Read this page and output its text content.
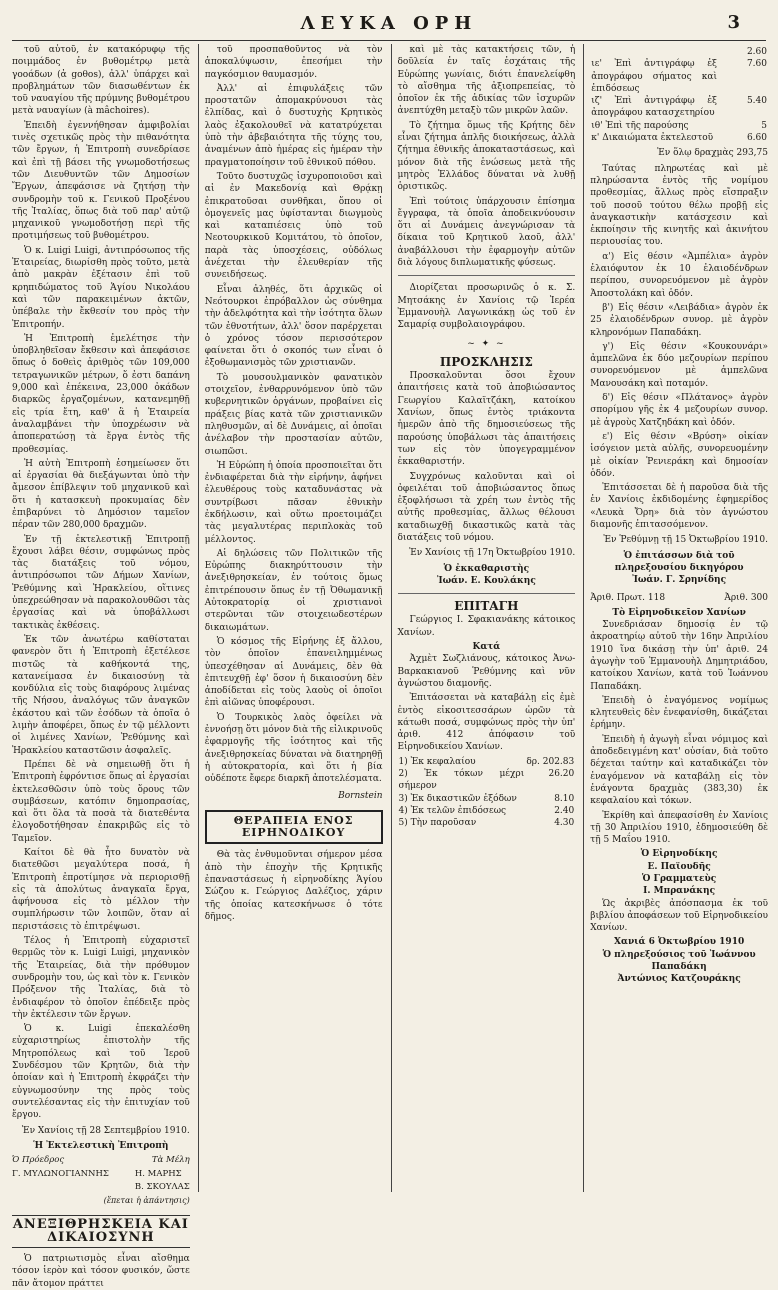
ΛΕΥΚΑ ΟΡΗ	3

τοῦ αὐτοῦ, ἐν κατακόρυφῳ τῆς ποιμμάδος ἐν βυθομέτρῳ μετὰ γοοάδων (ἀ gοθοs), ἀλλ' ὑπάρχει καὶ προβλημάτων τῶν διασωθέντων ἐκ τοῦ ναυαγίου τῆς πρύμνης βυθομέτρου μετὰ ναυαγίων (à mâchoires).

Ἐπειδὴ ἐγεννήθησαν ἀμφιβολίαι τινὲς σχετικῶς πρὸς τὴν πιθανότητα τῶν ἔργων, ἡ Ἐπιτροπὴ συνεδρίασε καὶ ἐπὶ τῇ βάσει τῆς γνωμοδοτήσεως τῶν Διευθυντῶν τῶν Δημοσίων Ἔργων, ἀπεφάσισε νὰ ζητήσῃ τὴν συνδρομὴν τοῦ κ. Γενικοῦ Προξένου τῆς Ἰταλίας, ὅπως διὰ τοῦ παρ' αὐτῷ μηχανικοῦ γνωμοδοτήσῃ περὶ τῆς προτιμήσεως τοῦ βυθομέτρου.

Ὁ κ. Luigi Luigi, ἀντιπρόσωπος τῆς Ἐταιρείας, διωρίσθη πρὸς τοῦτο, μετὰ ἀπὸ μακρὰν ἐξέτασιν ἐπὶ τοῦ κρηπιδώματος τοῦ Ἁγίου Νικολάου καὶ τῶν παρακειμένων ἀκτῶν, ὑπέβαλε τὴν ἔκθεσίν του πρὸς τὴν Ἐπιτροπήν.

Ἡ Ἐπιτροπὴ ἐμελέτησε τὴν ὑποβληθεῖσαν ἔκθεσιν καὶ ἀπεφάσισε ὅπως ὁ δοθεὶς ἀριθμὸς τῶν 109,000 τετραγωνικῶν μέτρων, ὅ ἐστι δαπάνη 9,000 καὶ ἐπέκεινα, 23,000 ὀκάδων διαρκῶς ἐργαζομένων, κατανεμηθῇ εἰς τρία ἔτη, καθ' ἃ ἡ Ἑταιρεία ἀναλαμβάνει τὴν ὑποχρέωσιν νὰ ἀποπερατώσῃ τὰ ἔργα ἐντὸς τῆς προθεσμίας.

Ἡ αὐτὴ Ἐπιτροπὴ ἐσημείωσεν ὅτι αἱ ἐργασίαι θὰ διεξάγωνται ὑπὸ τὴν ἄμεσον ἐπίβλεψιν τοῦ μηχανικοῦ καὶ ὅτι ἡ κατασκευὴ προκυμαίας δὲν ἐπιβαρύνει τὸ Δημόσιον ταμεῖον πέραν τῶν 280,000 δραχμῶν.

Ἐν τῇ ἐκτελεστικῇ Ἐπιτροπῇ ἔχουσι λάβει θέσιν, συμφώνως πρὸς τὰς διατάξεις τοῦ νόμου, ἀντιπρόσωποι τῶν Δήμων Χανίων, Ῥεθύμνης καὶ Ἡρακλείου, οἵτινες ὑπεχρεώθησαν νὰ παρακολουθῶσι τὰς ἐργασίας καὶ νὰ ὑποβάλλωσι τακτικὰς ἐκθέσεις.

Ἐκ τῶν ἀνωτέρω καθίσταται φανερὸν ὅτι ἡ Ἐπιτροπὴ ἐξετέλεσε πιστῶς τὰ καθήκοντά της, κατανείμασα ἐν δικαιοσύνῃ τὰ κονδύλια εἰς τοὺς διαφόρους λιμένας τῆς Νήσου, ἀναλόγως τῶν ἀναγκῶν ἑκάστου καὶ τῶν ἐσόδων τὰ ὁποῖα ὁ λιμὴν ἀποφέρει, ὅπως ἐν τῷ μέλλοντι οἱ λιμένες Χανίων, Ῥεθύμνης καὶ Ἡρακλείου καταστῶσιν ἀσφαλεῖς.

Πρέπει δὲ νὰ σημειωθῇ ὅτι ἡ Ἐπιτροπὴ ἐφρόντισε ὅπως αἱ ἐργασίαι ἐκτελεσθῶσιν ὑπὸ τοὺς ὅρους τῶν συμβάσεων, κατόπιν δημοπρασίας, καὶ ὅτι ὅλα τὰ ποσὰ τὰ διατεθέντα ἐλογοδοτήθησαν ἐπακριβῶς εἰς τὸ Ταμεῖον.

Καίτοι δὲ θὰ ἦτο δυνατὸν νὰ διατεθῶσι μεγαλύτερα ποσά, ἡ Ἐπιτροπὴ ἐπροτίμησε νὰ περιορισθῇ εἰς τὰ ἀπολύτως ἀναγκαῖα ἔργα, ἀφήνουσα εἰς τὸ μέλλον τὴν συμπλήρωσιν τῶν λοιπῶν, ὅταν αἱ περιστάσεις τὸ ἐπιτρέψωσι.

Τέλος ἡ Ἐπιτροπὴ εὐχαριστεῖ θερμῶς τὸν κ. Luigi Luigi, μηχανικὸν τῆς Ἐταιρείας, διὰ τὴν πρόθυμον συνδρομὴν του, ὡς καὶ τὸν κ. Γενικὸν Πρόξενον τῆς Ἰταλίας, διὰ τὸ ἐνδιαφέρον τὸ ὁποῖον ἐπέδειξε πρὸς τὴν ἐκτέλεσιν τῶν ἔργων.

Ὁ κ. Luigi ἐπεκαλέσθη εὐχαριστηρίως ἐπιστολὴν τῆς Μητροπόλεως καὶ τοῦ Ἱεροῦ Συνδέσμου τῶν Κρητῶν, διὰ τὴν ὁποίαν καὶ ἡ Ἐπιτροπὴ ἐκφράζει τὴν εὐγνωμοσύνην της πρὸς τοὺς συντελέσαντας εἰς τὴν ἐπιτυχίαν τοῦ ἔργου.

Ἐν Χανίοις τῇ 28 Σεπτεμβρίου 1910.
Ἡ Ἐκτελεστικὴ Ἐπιτροπὴ
Ὁ Πρόεδρος	Τὰ Μέλη
Γ. ΜΥΛΩΝΟΓΙΑΝΝΗΣ	Η. ΜΑΡΗΣ
Β. ΣΚΟΥΛΑΣ
(ἕπεται ἡ ἀπάντησις)
ΑΝΕΞΙΘΡΗΣΚΕΙΑ ΚΑΙ ΔΙΚΑΙΟΣΥΝΗ

Ὁ πατριωτισμὸς εἶναι αἴσθημα τόσον ἱερὸν καὶ τόσον φυσικόν, ὥστε πᾶν ἄτομον πράττει

τοῦ προσπαθοῦντος νὰ τὸν ἀποκαλύψωσιν, ἐπεσήμει τὴν παγκόσμιον θαυμασμόν.

Ἀλλ' αἱ ἐπιφυλάξεις τῶν προστατῶν ἀπομακρύνουσι τὰς ἐλπίδας, καὶ ὁ δυστυχὴς Κρητικὸς λαὸς ἐξακολουθεῖ νὰ κατατρύχεται ὑπὸ τὴν ἀβεβαιότητα τῆς τύχης του, ἀναμένων ἀπὸ ἡμέρας εἰς ἡμέραν τὴν πραγματοποίησιν τοῦ ἐθνικοῦ πόθου.

Τοῦτο δυστυχῶς ἰσχυροποιοῦσι καὶ αἱ ἐν Μακεδονίᾳ καὶ Θρᾴκῃ ἐπικρατοῦσαι συνθῆκαι, ὅπου οἱ ὁμογενεῖς μας ὑφίστανται διωγμοὺς καὶ καταπιέσεις ὑπὸ τοῦ Νεοτουρκικοῦ Κομιτάτου, τὸ ὁποῖον, παρὰ τὰς ὑποσχέσεις, οὐδόλως ἀνέχεται τὴν ἐλευθερίαν τῆς συνειδήσεως.

Εἶναι ἀληθές, ὅτι ἀρχικῶς οἱ Νεότουρκοι ἐπρόβαλλον ὡς σύνθημα τὴν ἀδελφότητα καὶ τὴν ἰσότητα ὅλων τῶν ἐθνοτήτων, ἀλλ' ὅσον παρέρχεται ὁ χρόνος τόσον περισσότερον φαίνεται ὅτι ὁ σκοπός των εἶναι ὁ ἐξοθωμανισμὸς τῶν χριστιανῶν.

Τὸ μουσουλμανικὸν φανατικὸν στοιχεῖον, ἐνθαρρυνόμενον ὑπὸ τῶν κυβερνητικῶν ὀργάνων, προβαίνει εἰς πράξεις βίας κατὰ τῶν χριστιανικῶν πληθυσμῶν, αἱ δὲ Δυνάμεις, αἱ ὁποῖαι ἀνέλαβον τὴν προστασίαν αὐτῶν, σιωπῶσι.

Ἡ Εὐρώπη ἡ ὁποία προσποιεῖται ὅτι ἐνδιαφέρεται διὰ τὴν εἰρήνην, ἀφήνει ἐλευθέρους τοὺς καταδυνάστας νὰ συντρίβωσι πᾶσαν ἐθνικὴν ἐκδήλωσιν, καὶ οὕτω προετοιμάζει τὰς μεγαλυτέρας περιπλοκὰς τοῦ μέλλοντος.

Αἱ δηλώσεις τῶν Πολιτικῶν τῆς Εὐρώπης διακηρύττουσιν τὴν ἀνεξιθρησκείαν, ἐν τούτοις ὅμως ἐπιτρέπουσιν ὅπως ἐν τῇ Ὀθωμανικῇ Αὐτοκρατορίᾳ οἱ χριστιανοὶ στερῶνται τῶν στοιχειωδεστέρων δικαιωμάτων.

Ὁ κόσμος τῆς Εἰρήνης ἐξ ἄλλου, τὸν ὁποῖον ἐπανειλημμένως ὑπεσχέθησαν αἱ Δυνάμεις, δὲν θὰ ἐπιτευχθῇ ἐφ' ὅσον ἡ δικαιοσύνη δὲν ἀποδίδεται εἰς τοὺς λαοὺς οἱ ὁποῖοι ἐπὶ αἰῶνας ὑποφέρουσι.

Ὁ Τουρκικὸς λαὸς ὀφείλει νὰ ἐννοήσῃ ὅτι μόνον διὰ τῆς εἰλικρινοῦς ἐφαρμογῆς τῆς ἰσότητος καὶ τῆς ἀνεξιθρησκείας δύναται νὰ διατηρηθῇ ἡ αὐτοκρατορία, καὶ ὅτι ἡ βία οὐδέποτε ἔφερε διαρκῆ ἀποτελέσματα.

Bornstein
ΘΕΡΑΠΕΙΑ ΕΝΟΣ ΕΙΡΗΝΟΔΙΚΟΥ

Θὰ τὰς ἐνθυμοῦνται σήμερον μέσα ἀπὸ τὴν ἐποχὴν τῆς Κρητικῆς ἐπαναστάσεως ἡ εἰρηνοδίκης Ἁγίου Σώζου κ. Γεώργιος Δαλέζιος, χάριν τῆς ὁποίας κατεσκήνωσε ὁ τότε δῆμος.

καὶ μὲ τὰς κατακτήσεις τῶν, ἡ δοῦλεία ἐν ταῖς ἐσχάταις τῆς Εὐρώπης γωνίαις, διότι ἐπανελείφθη τὸ αἴσθημα τῆς ἀξιοπρεπείας, τὸ ὁποῖον ἐκ τῆς ἀδικίας τῶν ἰσχυρῶν ἀνεπτύχθη μεταξὺ τῶν μικρῶν λαῶν.

Τὸ ζήτημα ὅμως τῆς Κρήτης δὲν εἶναι ζήτημα ἀπλῆς διοικήσεως, ἀλλὰ ζήτημα ἐθνικῆς ἀποκαταστάσεως, καὶ μόνον διὰ τῆς ἑνώσεως μετὰ τῆς μητρὸς Ἑλλάδος δύναται νὰ λυθῇ ὁριστικῶς.

Ἐπὶ τούτοις ὑπάρχουσιν ἐπίσημα ἔγγραφα, τὰ ὁποῖα ἀποδεικνύουσιν ὅτι αἱ Δυνάμεις ἀνεγνώρισαν τὰ δίκαια τοῦ Κρητικοῦ λαοῦ, ἀλλ' ἀναβάλλουσι τὴν ἐφαρμογὴν αὐτῶν διὰ λόγους διπλωματικῆς φύσεως.

Διορίζεται προσωρινῶς ὁ κ. Σ. Μητσάκης ἐν Χανίοις τῷ Ἱερέα Ἐμμανουὴλ Λαγωνικάκῃ ὡς τοῦ ἐν Σαμαρίᾳ συμβολαιογράφου.

~ ✦ ~
ΠΡΟΣΚΛΗΣΙΣ

Προσκαλοῦνται ὅσοι ἔχουν ἀπαιτήσεις κατὰ τοῦ ἀποβιώσαντος Γεωργίου Καλαϊτζάκη, κατοίκου Χανίων, ὅπως ἐντὸς τριάκοντα ἡμερῶν ἀπὸ τῆς δημοσιεύσεως τῆς παρούσης ὑποβάλωσι τὰς ἀπαιτήσεις των εἰς τὸν ὑπογεγραμμένον ἐκκαθαριστήν.

Συγχρόνως καλοῦνται καὶ οἱ ὀφειλέται τοῦ ἀποβιώσαντος ὅπως ἐξοφλήσωσι τὰ χρέη των ἐντὸς τῆς αὐτῆς προθεσμίας, ἄλλως θέλουσι καταδιωχθῇ δικαστικῶς κατὰ τὰς διατάξεις τοῦ νόμου.

Ἐν Χανίοις τῇ 17η Ὀκτωβρίου 1910.
Ὁ ἐκκαθαριστὴς
Ἰωάν. Ε. Κουλάκης
ΕΠΙΤΑΓΗ

Γεώργιος Ι. Σφακιανάκης κάτοικος Χανίων.

Κατά

Ἀχμὲτ Σωζλιάνους, κάτοικος Ἀνω-Βαρκακιανοῦ Ῥεθύμνης καὶ νῦν ἀγνώστου διαμονῆς.

Ἐπιτάσσεται νὰ καταβάλῃ εἰς ἐμὲ ἐντὸς εἰκοσιτεσσάρων ὡρῶν τὰ κάτωθι ποσά, συμφώνως πρὸς τὴν ὑπ' ἀριθ. 412 ἀπόφασιν τοῦ Εἰρηνοδικείου Χανίων.

1) Ἐκ κεφαλαίου	δρ. 202.83
2) Ἐκ τόκων μέχρι σήμερον	26.20
3) Ἐκ δικαστικῶν ἐξόδων	8.10
4) Ἐκ τελῶν ἐπιδόσεως	2.40
5) Τὴν παροῦσαν	4.30
	2.60
ιε' Ἐπὶ ἀντιγράφῳ ἐξ ἀπογράφου σήματος καὶ ἐπιδόσεως	7.60
ιζ' Ἐπὶ ἀντιγράφῳ ἐξ ἀπογράφου κατασχετηρίου	5.40
ιθ' Ἐπὶ τῆς παρούσης	5
κ' Δικαιώματα ἐκτελεστοῦ	6.60
Ἐν ὅλῳ δραχμὰς 293,75

Ταύτας πληρωτέας καὶ μὲ πληρώσαντα ἐντὸς τῆς νομίμου προθεσμίας, ἄλλως πρὸς εἴσπραξιν τοῦ ποσοῦ τούτου θέλω προβῇ εἰς ἀναγκαστικὴν κατάσχεσιν καὶ ἐκποίησιν τῆς κινητῆς καὶ ἀκινήτου περιουσίας του.

α') Εἰς θέσιν «Ἀμπέλια» ἀγρὸν ἐλαιόφυτον ἐκ 10 ἐλαιοδένδρων περίπου, συνορευόμενον μὲ ἀγρὸν Ἀποστολάκη καὶ ὁδόν.

β') Εἰς θέσιν «Λειβάδια» ἀγρὸν ἐκ 25 ἐλαιοδένδρων συνορ. μὲ ἀγρὸν κληρονόμων Παπαδάκη.

γ') Εἰς θέσιν «Κουκουνάρι» ἀμπελῶνα ἐκ δύο μεζουρίων περίπου συνορευόμενον μὲ ἀμπελῶνα Μανουσάκη καὶ ποταμόν.

δ') Εἰς θέσιν «Πλάτανος» ἀγρὸν σπορίμου γῆς ἐκ 4 μεζουρίων συνορ. μὲ ἀγροὺς Χατζηδάκη καὶ ὁδόν.

ε') Εἰς θέσιν «Βρύση» οἰκίαν ἰσόγειον μετὰ αὐλῆς, συνορευομένην μὲ οἰκίαν Ῥενιεράκη καὶ δημοσίαν ὁδόν.

Ἐπιτάσσεται δὲ ἡ παροῦσα διὰ τῆς ἐν Χανίοις ἐκδιδομένης ἐφημερίδος «Λευκὰ Ὄρη» διὰ τὸν ἀγνώστου διαμονῆς ἐπιτασσόμενον.

Ἐν Ῥεθύμνῃ τῇ 15 Ὀκτωβρίου 1910.
Ὁ ἐπιτάσσων διὰ τοῦ πληρεξουσίου δικηγόρου
Ἰωάν. Γ. Σρηνίδης
Ἀριθ. Πρωτ. 118	Ἀριθ. 300
Τὸ Εἰρηνοδικεῖον Χανίων

Συνεδριάσαν δημοσίᾳ ἐν τῷ ἀκροατηρίῳ αὐτοῦ τὴν 16ην Ἀπριλίου 1910 ἵνα δικάσῃ τὴν ὑπ' ἀριθ. 24 ἀγωγὴν τοῦ Ἐμμανουὴλ Δημητριάδου, κατοίκου Χανίων, κατὰ τοῦ Ἰωάννου Παπαδάκη.

Ἐπειδὴ ὁ ἐναγόμενος νομίμως κλητευθεὶς δὲν ἐνεφανίσθη, δικάζεται ἐρήμην.

Ἐπειδὴ ἡ ἀγωγὴ εἶναι νόμιμος καὶ ἀποδεδειγμένη κατ' οὐσίαν, διὰ τοῦτο δέχεται ταύτην καὶ καταδικάζει τὸν ἐναγόμενον νὰ καταβάλῃ εἰς τὸν ἐνάγοντα δραχμὰς (383,30) ἐκ κεφαλαίου καὶ τόκων.

Ἐκρίθη καὶ ἀπεφασίσθη ἐν Χανίοις τῇ 30 Ἀπριλίου 1910, ἐδημοσιεύθη δὲ τῇ 5 Μαΐου 1910.

Ὁ Εἰρηνοδίκης
Ε. Παϊουδῆς
Ὁ Γραμματεὺς
Ι. Μπρανάκης

Ὡς ἀκριβὲς ἀπόσπασμα ἐκ τοῦ βιβλίου ἀποφάσεων τοῦ Εἰρηνοδικείου Χανίων.

Χανιά 6 Ὀκτωβρίου 1910
Ὁ πληρεξούσιος τοῦ Ἰωάννου Παπαδάκη
Ἀντώνιος Κατζουράκης
